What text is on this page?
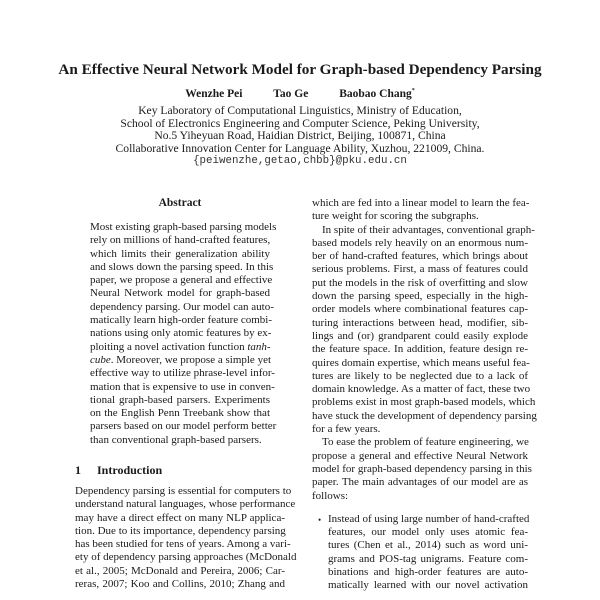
An Effective Neural Network Model for Graph-based Dependency Parsing
Wenzhe Pei	Tao Ge	Baobao Chang*
Key Laboratory of Computational Linguistics, Ministry of Education,
School of Electronics Engineering and Computer Science, Peking University,
No.5 Yiheyuan Road, Haidian District, Beijing, 100871, China
Collaborative Innovation Center for Language Ability, Xuzhou, 221009, China.
{peiwenzhe,getao,chbb}@pku.edu.cn
Abstract
Most existing graph-based parsing models
rely on millions of hand-crafted features,
which limits their generalization ability
and slows down the parsing speed. In this
paper, we propose a general and effective
Neural Network model for graph-based
dependency parsing. Our model can auto-
matically learn high-order feature combi-
nations using only atomic features by ex-
ploiting a novel activation function tanh-
cube. Moreover, we propose a simple yet
effective way to utilize phrase-level infor-
mation that is expensive to use in conven-
tional graph-based parsers. Experiments
on the English Penn Treebank show that
parsers based on our model perform better
than conventional graph-based parsers.
1 Introduction
Dependency parsing is essential for computers to
understand natural languages, whose performance
may have a direct effect on many NLP applica-
tion. Due to its importance, dependency parsing
has been studied for tens of years. Among a vari-
ety of dependency parsing approaches (McDonald
et al., 2005; McDonald and Pereira, 2006; Car-
reras, 2007; Koo and Collins, 2010; Zhang and
which are fed into a linear model to learn the fea-
ture weight for scoring the subgraphs.
In spite of their advantages, conventional graph-
based models rely heavily on an enormous num-
ber of hand-crafted features, which brings about
serious problems. First, a mass of features could
put the models in the risk of overfitting and slow
down the parsing speed, especially in the high-
order models where combinational features cap-
turing interactions between head, modifier, sib-
lings and (or) grandparent could easily explode
the feature space. In addition, feature design re-
quires domain expertise, which means useful fea-
tures are likely to be neglected due to a lack of
domain knowledge. As a matter of fact, these two
problems exist in most graph-based models, which
have stuck the development of dependency parsing
for a few years.
To ease the problem of feature engineering, we
propose a general and effective Neural Network
model for graph-based dependency parsing in this
paper. The main advantages of our model are as
follows:
• Instead of using large number of hand-crafted
features, our model only uses atomic fea-
tures (Chen et al., 2014) such as word uni-
grams and POS-tag unigrams. Feature com-
binations and high-order features are auto-
matically learned with our novel activation
